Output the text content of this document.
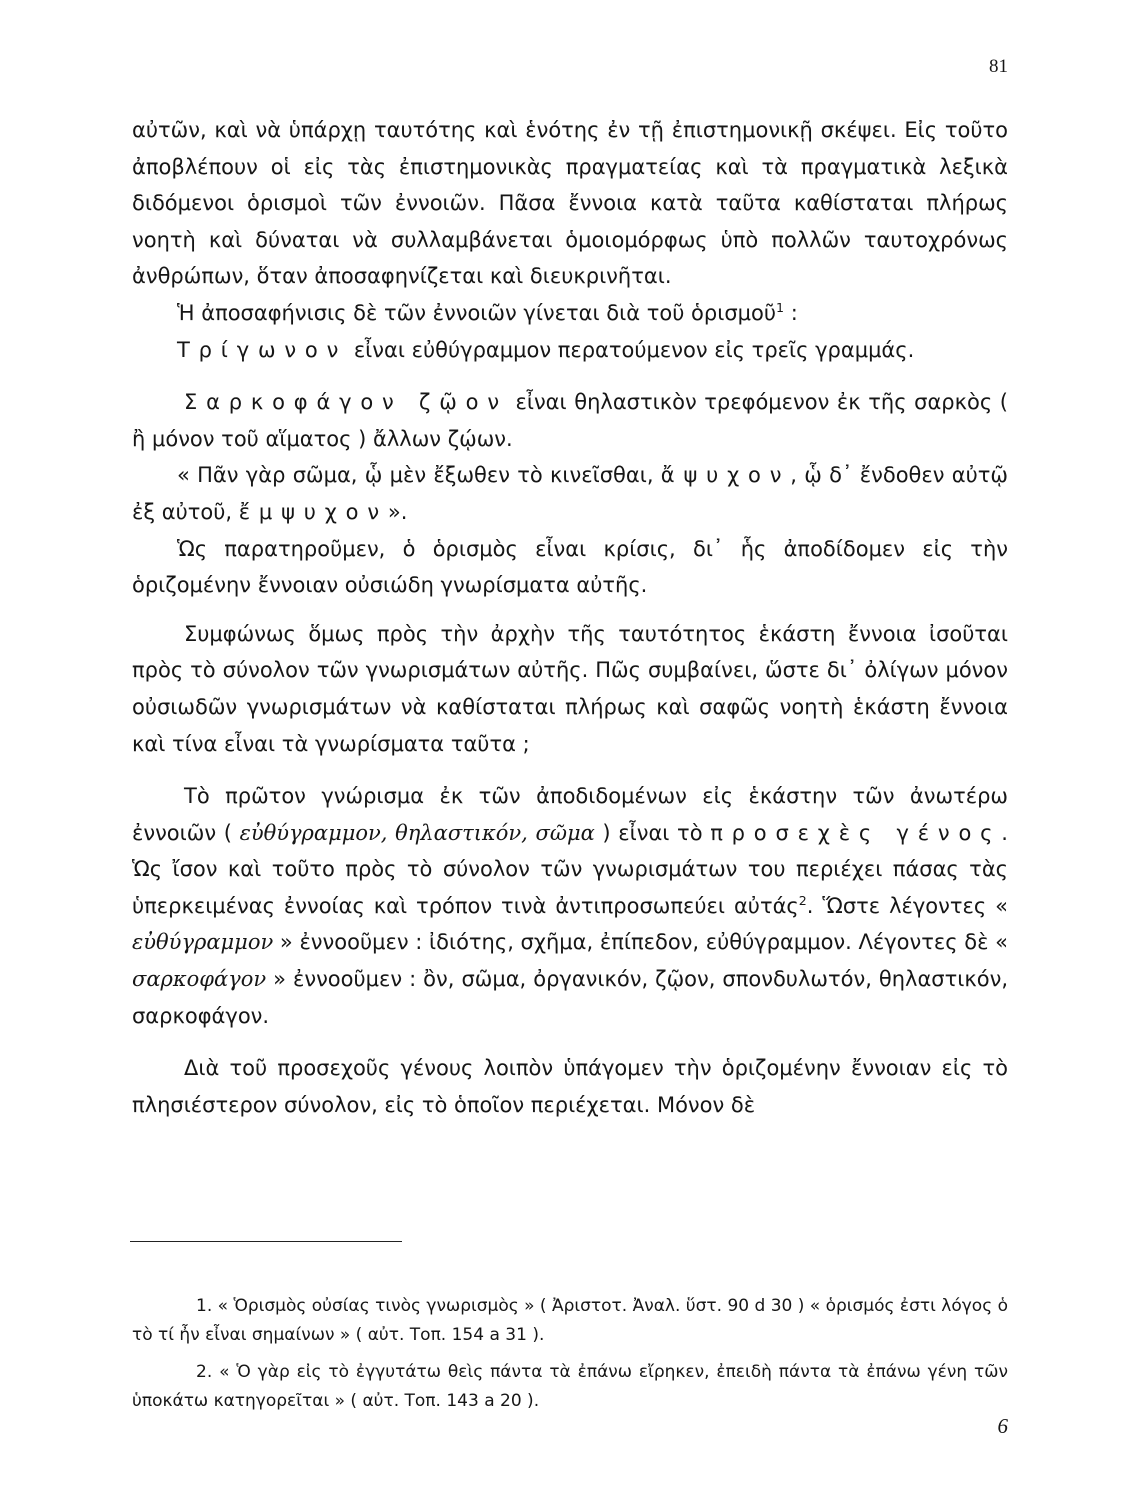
81

αὐτῶν, καὶ νὰ ὑπάρχῃ ταυτότης καὶ ἑνότης ἐν τῇ ἐπιστημονικῇ σκέψει. Εἰς τοῦτο ἀποβλέπουν οἱ εἰς τὰς ἐπιστημονικὰς πραγματείας καὶ τὰ πραγματικὰ λεξικὰ διδόμενοι ὁρισμοὶ τῶν ἐννοιῶν. Πᾶσα ἔννοια κατὰ ταῦτα καθίσταται πλήρως νοητὴ καὶ δύναται νὰ συλλαμβάνεται ὁμοιομόρφως ὑπὸ πολλῶν ταυτοχρόνως ἀνθρώπων, ὅταν ἀποσαφηνίζεται καὶ διευκρινῆται.

Ἡ ἀποσαφήνισις δὲ τῶν ἐννοιῶν γίνεται διὰ τοῦ ὁρισμοῦ$^1$ :

Τρίγωνον εἶναι εὐθύγραμμον περατούμενον εἰς τρεῖς γραμμάς.

Σαρκοφάγον ζῷον εἶναι θηλαστικὸν τρεφόμενον ἐκ τῆς σαρκὸς ( ἢ μόνον τοῦ αἵματος ) ἄλλων ζῴων.

« Πᾶν γὰρ σῶμα, ᾧ μὲν ἔξωθεν τὸ κινεῖσθαι, ἄψυχον, ᾧ δ᾽ ἔνδοθεν αὐτῷ ἐξ αὐτοῦ, ἔμψυχον».

Ὡς παρατηροῦμεν, ὁ ὁρισμὸς εἶναι κρίσις, δι᾽ ἧς ἀποδίδομεν εἰς τὴν ὁριζομένην ἔννοιαν οὐσιώδη γνωρίσματα αὐτῆς.

Συμφώνως ὅμως πρὸς τὴν ἀρχὴν τῆς ταυτότητος ἑκάστη ἔννοια ἰσοῦται πρὸς τὸ σύνολον τῶν γνωρισμάτων αὐτῆς. Πῶς συμβαίνει, ὥστε δι᾽ ὀλίγων μόνον οὐσιωδῶν γνωρισμάτων νὰ καθίσταται πλήρως καὶ σαφῶς νοητὴ ἑκάστη ἔννοια καὶ τίνα εἶναι τὰ γνωρίσματα ταῦτα ;

Τὸ πρῶτον γνώρισμα ἐκ τῶν ἀποδιδομένων εἰς ἑκάστην τῶν ἀνωτέρω ἐννοιῶν ( εὐθύγραμμον, θηλαστικόν, σῶμα ) εἶναι τὸ προσεχὲς γένος. Ὡς ἴσον καὶ τοῦτο πρὸς τὸ σύνολον τῶν γνωρισμάτων του περιέχει πάσας τὰς ὑπερκειμένας ἐννοίας καὶ τρόπον τινὰ ἀντιπροσωπεύει αὐτάς$^2$. Ὥστε λέγοντες « εὐθύγραμμον » ἐννοοῦμεν : ἰδιότης, σχῆμα, ἐπίπεδον, εὐθύγραμμον. Λέγοντες δὲ « σαρκοφάγον » ἐννοοῦμεν : ὂν, σῶμα, ὀργανικόν, ζῷον, σπονδυλωτόν, θηλαστικόν, σαρκοφάγον.

Διὰ τοῦ προσεχοῦς γένους λοιπὸν ὑπάγομεν τὴν ὁριζομένην ἔννοιαν εἰς τὸ πλησιέστερον σύνολον, εἰς τὸ ὁποῖον περιέχεται. Μόνον δὲ

1. « Ὁρισμὸς οὐσίας τινὸς γνωρισμὸς » ( Ἀριστοτ. Ἀναλ. ὕστ. 90 d 30 ) « ὁρισμός ἐστι λόγος ὁ τὸ τί ἦν εἶναι σημαίνων » ( αὐτ. Τοπ. 154 a 31 ).

2. « Ὁ γὰρ εἰς τὸ ἐγγυτάτω θεὶς πάντα τὰ ἐπάνω εἴρηκεν, ἐπειδὴ πάντα τὰ ἐπάνω γένη τῶν ὑποκάτω κατηγορεῖται » ( αὐτ. Τοπ. 143 a 20 ).

6
